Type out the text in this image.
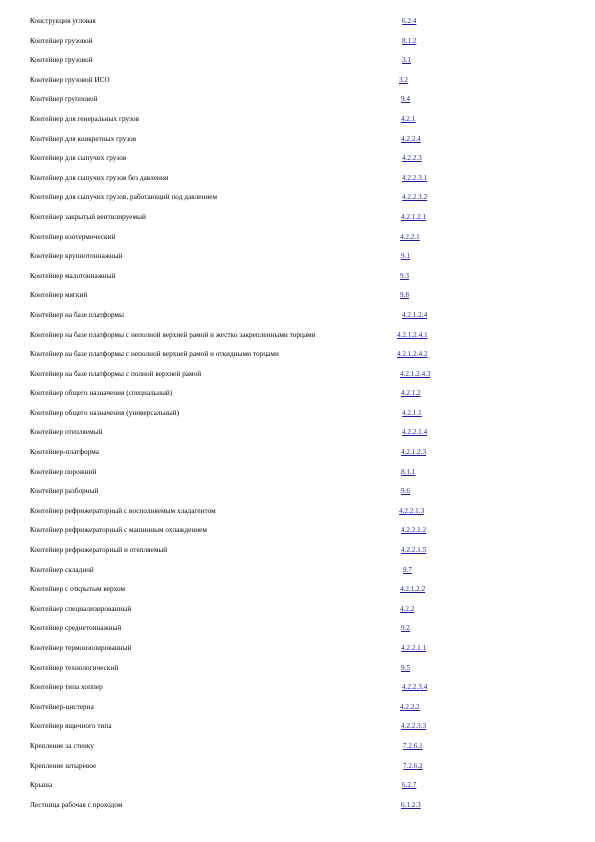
Конструкция угловая	6.2.4
Контейнер грузовой	8.1.2
Контейнер грузовой	3.1
Контейнер грузовой ИСО	3.2
Контейнер групповой	9.4
Контейнер для генеральных грузов	4.2.1
Контейнер для конкретных грузов	4.2.2.4
Контейнер для сыпучих грузов	4.2.2.3
Контейнер для сыпучих грузов без давления	4.2.2.3.1
Контейнер для сыпучих грузов, работающий под давлением	4.2.2.3.2
Контейнер закрытый вентилируемый	4.2.1.2.1
Контейнер изотермический	4.2.2.1
Контейнер крупнотоннажный	9.1
Контейнер малотоннажный	9.3
Контейнер мягкий	9.8
Контейнер на базе платформы	4.2.1.2.4
Контейнер на базе платформы с неполной верхней рамой и жестко закрепленными торцами	4.2.1.2.4.1
Контейнер на базе платформы с неполной верхней рамой и откидными торцами	4.2.1.2.4.2
Контейнер на базе платформы с полной верхней рамой	4.2.1.2.4.3
Контейнер общего назначения (специальный)	4.2.1.2
Контейнер общего назначения (универсальный)	4.2.1.1
Контейнер отепляемый	4.2.2.1.4
Контейнер-платформа	4.2.1.2.3
Контейнер порожний	8.1.1
Контейнер разборный	9.6
Контейнер рефрижераторный с восполняемым хладагентом	4.2.2.1.3
Контейнер рефрижераторный с машинным охлаждением	4.2.2.1.2
Контейнер рефрижераторный и отепляемый	4.2.2.1.5
Контейнер складной	9.7
Контейнер с открытым верхом	4.2.1.2.2
Контейнер специализированный	4.2.2
Контейнер среднетоннажный	9.2
Контейнер термоизолированный	4.2.2.1.1
Контейнер технологический	9.5
Контейнер типа хоппер	4.2.2.3.4
Контейнер-цистерна	4.2.2.2
Контейнер ящичного типа	4.2.2.3.3
Крепление за стенку	7.2.6.1
Крепление штыревое	7.2.6.2
Крыша	6.2.7
Лестница рабочая с проходом	6.1.2.3
